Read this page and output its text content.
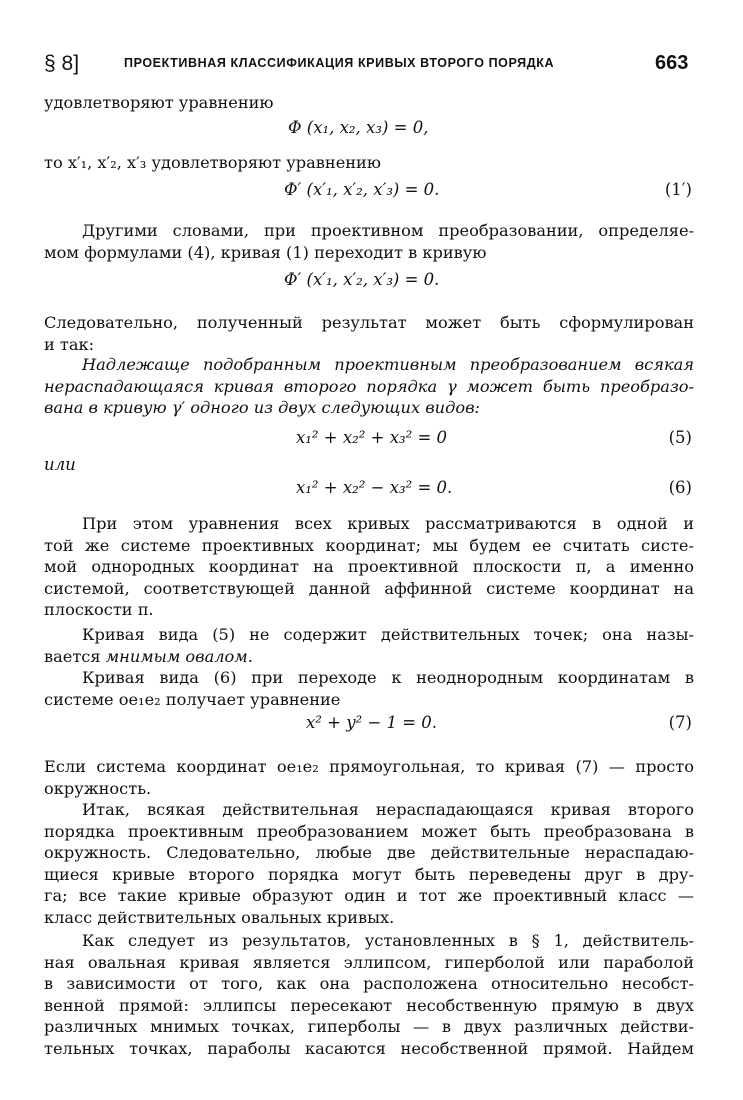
§ 8]	ПРОЕКТИВНАЯ КЛАССИФИКАЦИЯ КРИВЫХ ВТОРОГО ПОРЯДКА	663
удовлетворяют уравнению
Φ (x₁, x₂, x₃) = 0,
то x′₁, x′₂, x′₃ удовлетворяют уравнению
Φ′ (x′₁, x′₂, x′₃) = 0.	(1′)
Другими словами, при проективном преобразовании, определяе-
мом формулами (4), кривая (1) переходит в кривую
Φ′ (x′₁, x′₂, x′₃) = 0.
Следовательно, полученный результат может быть сформулирован
и так:
Надлежаще подобранным проективным преобразованием всякая
нераспадающаяся кривая второго порядка γ может быть преобразо-
вана в кривую γ′ одного из двух следующих видов:
x₁² + x₂² + x₃² = 0	(5)
или
x₁² + x₂² − x₃² = 0.	(6)
При этом уравнения всех кривых рассматриваются в одной и
той же системе проективных координат; мы будем ее считать систе-
мой однородных координат на проективной плоскости π, а именно
системой, соответствующей данной аффинной системе координат на
плоскости π.
Кривая вида (5) не содержит действительных точек; она назы-
вается мнимым овалом.
Кривая вида (6) при переходе к неоднородным координатам в
системе oe₁e₂ получает уравнение
x² + y² − 1 = 0.	(7)
Если система координат oe₁e₂ прямоугольная, то кривая (7) — просто
окружность.
Итак, всякая действительная нераспадающаяся кривая второго
порядка проективным преобразованием может быть преобразована в
окружность. Следовательно, любые две действительные нераспадаю-
щиеся кривые второго порядка могут быть переведены друг в дру-
га; все такие кривые образуют один и тот же проективный класс —
класс действительных овальных кривых.
Как следует из результатов, установленных в § 1, действитель-
ная овальная кривая является эллипсом, гиперболой или параболой
в зависимости от того, как она расположена относительно несобст-
венной прямой: эллипсы пересекают несобственную прямую в двух
различных мнимых точках, гиперболы — в двух различных действи-
тельных точках, параболы касаются несобственной прямой. Найдем
